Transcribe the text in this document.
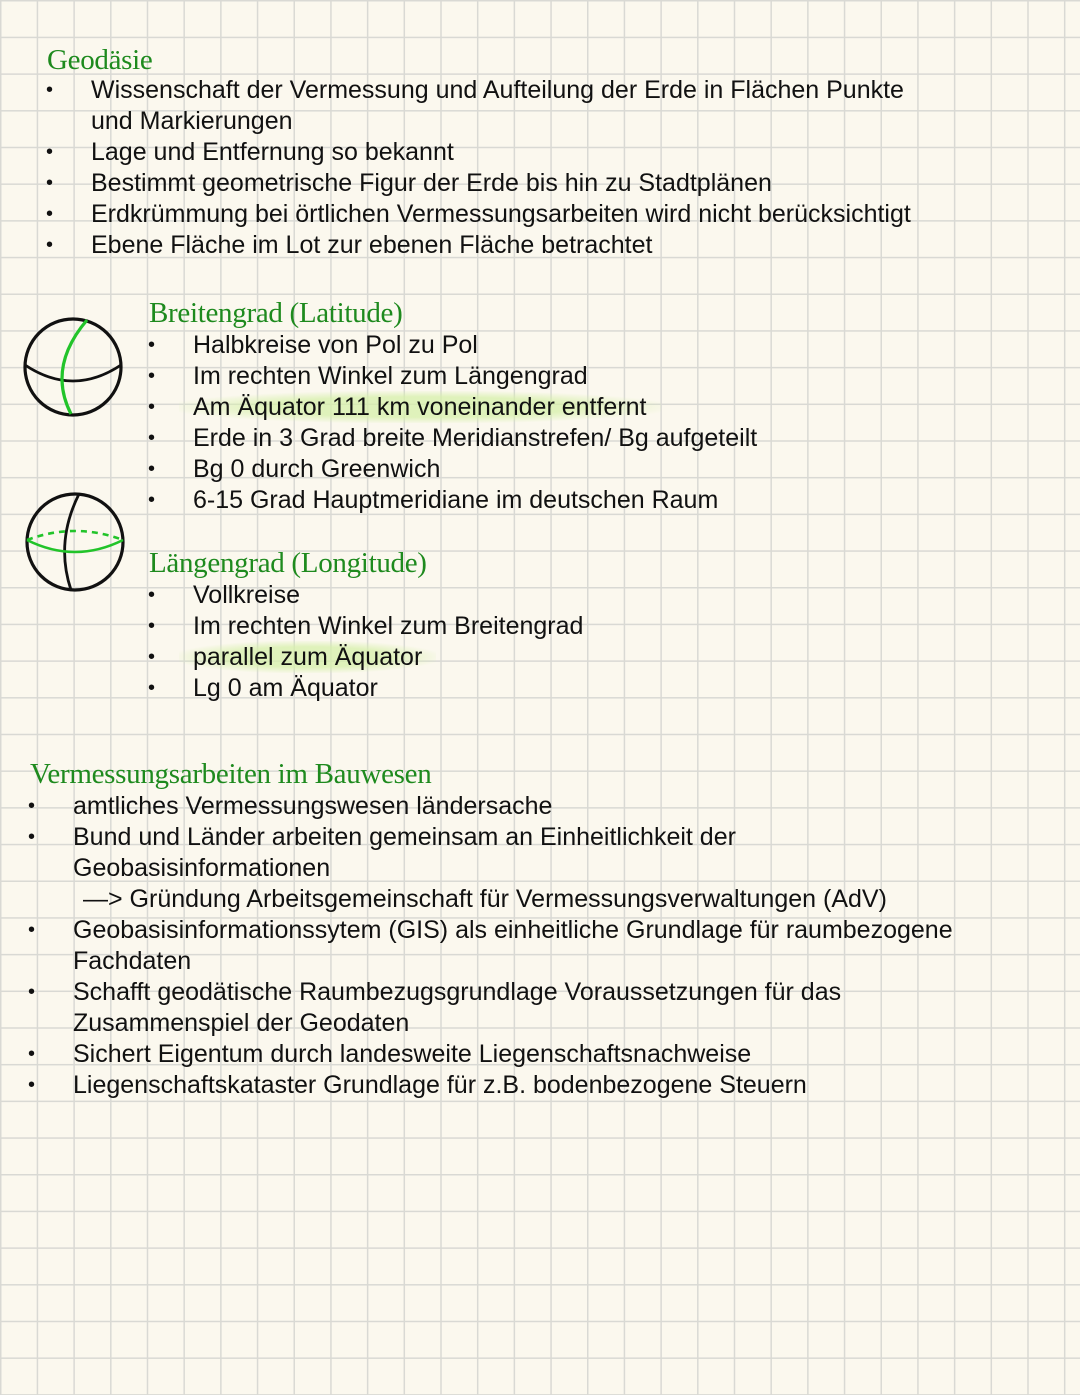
Geodäsie
•	Wissenschaft der Vermessung und Aufteilung der Erde in Flächen Punkte
und Markierungen
•	Lage und Entfernung so bekannt
•	Bestimmt geometrische Figur der Erde bis hin zu Stadtplänen
•	Erdkrümmung bei örtlichen Vermessungsarbeiten wird nicht berücksichtigt
•	Ebene Fläche im Lot zur ebenen Fläche betrachtet
Breitengrad (Latitude)
•	Halbkreise von Pol zu Pol
•	Im rechten Winkel zum Längengrad
•	Am Äquator 111 km voneinander entfernt
•	Erde in 3 Grad breite Meridianstrefen/ Bg aufgeteilt
•	Bg 0 durch Greenwich
•	6-15 Grad Hauptmeridiane im deutschen Raum
Längengrad (Longitude)
•	Vollkreise
•	Im rechten Winkel zum Breitengrad
•	parallel zum Äquator
•	Lg 0 am Äquator
Vermessungsarbeiten im Bauwesen
•	amtliches Vermessungswesen ländersache
•	Bund und Länder arbeiten gemeinsam an Einheitlichkeit der
Geobasisinformationen
—> Gründung Arbeitsgemeinschaft für Vermessungsverwaltungen (AdV)
•	Geobasisinformationssytem (GIS) als einheitliche Grundlage für raumbezogene
Fachdaten
•	Schafft geodätische Raumbezugsgrundlage Voraussetzungen für das
Zusammenspiel der Geodaten
•	Sichert Eigentum durch landesweite Liegenschaftsnachweise
•	Liegenschaftskataster Grundlage für z.B. bodenbezogene Steuern
